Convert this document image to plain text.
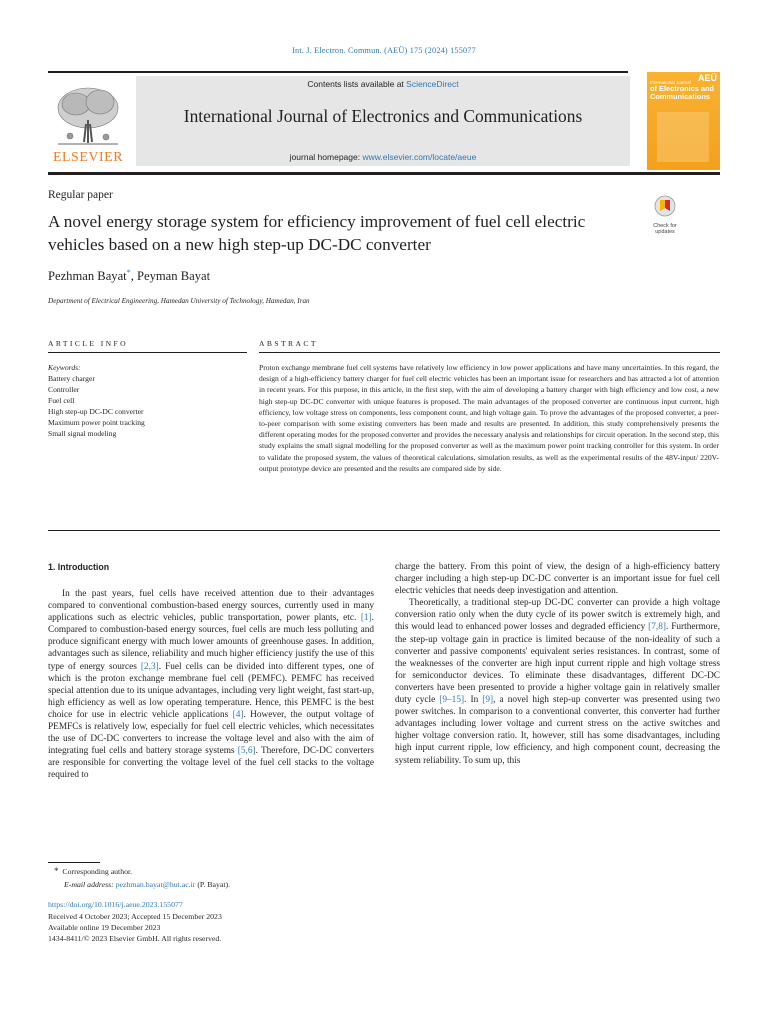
Int. J. Electron. Commun. (AEÜ) 175 (2024) 155077
ELSEVIER
Contents lists available at ScienceDirect
International Journal of Electronics and Communications
journal homepage: www.elsevier.com/locate/aeue
AEÜ
International Journal
of Electronics and
Communications
Regular paper
A novel energy storage system for efficiency improvement of fuel cell electric vehicles based on a new high step-up DC-DC converter
Check for
updates
Pezhman Bayat*, Peyman Bayat
Department of Electrical Engineering, Hamedan University of Technology, Hamedan, Iran
ARTICLE INFO	ABSTRACT
Keywords:
Battery charger
Controller
Fuel cell
High step-up DC-DC converter
Maximum power point tracking
Small signal modeling
Proton exchange membrane fuel cell systems have relatively low efficiency in low power applications and have many uncertainties. In this regard, the design of a high-efficiency battery charger for fuel cell electric vehicles has been an important issue for researchers and has attracted a lot of attention in recent years. For this purpose, in this article, in the first step, with the aim of developing a battery charger with high efficiency and low cost, a new high step-up DC-DC converter with unique features is proposed. The main advantages of the proposed converter are continuous input current, high efficiency, low voltage stress on components, less component count, and high voltage gain. To prove the advantages of the proposed converter, a peer-to-peer comparison with some existing converters has been made and results are presented. In addition, this study comprehensively presents the different operating modes for the proposed converter and provides the necessary analysis and relationships for circuit operation. In the second step, this study explains the small signal modelling for the proposed converter as well as the maximum power point tracking controller for this system. In order to validate the proposed system, the values of theoretical calculations, simulation results, as well as the experimental results of the 48V-input/ 220V-output prototype device are presented and the results are compared side by side.
1. Introduction

In the past years, fuel cells have received attention due to their advantages compared to conventional combustion-based energy sources, currently used in many applications such as electric vehicles, public transportation, power plants, etc. [1]. Compared to combustion-based energy sources, fuel cells are much less polluting and produce significant energy with much lower amounts of greenhouse gases. In addition, advantages such as silence, reliability and much higher efficiency justify the use of this type of energy sources [2,3]. Fuel cells can be divided into different types, one of which is the proton exchange membrane fuel cell (PEMFC). PEMFC has received special attention due to its unique advantages, including very light weight, fast start-up, high efficiency as well as low operating temperature. Hence, this PEMFC is the best choice for use in electric vehicle applications [4]. However, the output voltage of PEMFCs is relatively low, especially for fuel cell electric vehicles, which necessitates the use of DC-DC converters to increase the voltage level and also with the aim of integrating fuel cells and battery storage systems [5,6]. Therefore, DC-DC converters are responsible for converting the voltage level of the fuel cell stacks to the voltage required to

charge the battery. From this point of view, the design of a high-efficiency battery charger including a high step-up DC-DC converter is an important issue for fuel cell electric vehicles that needs deep investigation and attention.

Theoretically, a traditional step-up DC-DC converter can provide a high voltage conversion ratio only when the duty cycle of its power switch is extremely high, and this would lead to enhanced power losses and degraded efficiency [7,8]. Furthermore, the step-up voltage gain in practice is limited because of the non-ideality of such a converter and passive components' equivalent series resistances. In contrast, some of the weaknesses of the converter are high input current ripple and high voltage stress for semiconductor devices. To eliminate these disadvantages, different DC-DC converters have been presented to provide a higher voltage gain in relatively smaller duty cycle [9–15]. In [9], a novel high step-up converter was presented using two power switches. In comparison to a conventional converter, this converter had further advantages including lower voltage and current stress on the active switches and higher voltage conversion ratio. It, however, still has some disadvantages, including high input current ripple, low efficiency, and high component count, decreasing the system reliability. To sum up, this

* Corresponding author.
E-mail address: pezhman.bayat@hut.ac.ir (P. Bayat).
https://doi.org/10.1016/j.aeue.2023.155077
Received 4 October 2023; Accepted 15 December 2023
Available online 19 December 2023
1434-8411/© 2023 Elsevier GmbH. All rights reserved.
